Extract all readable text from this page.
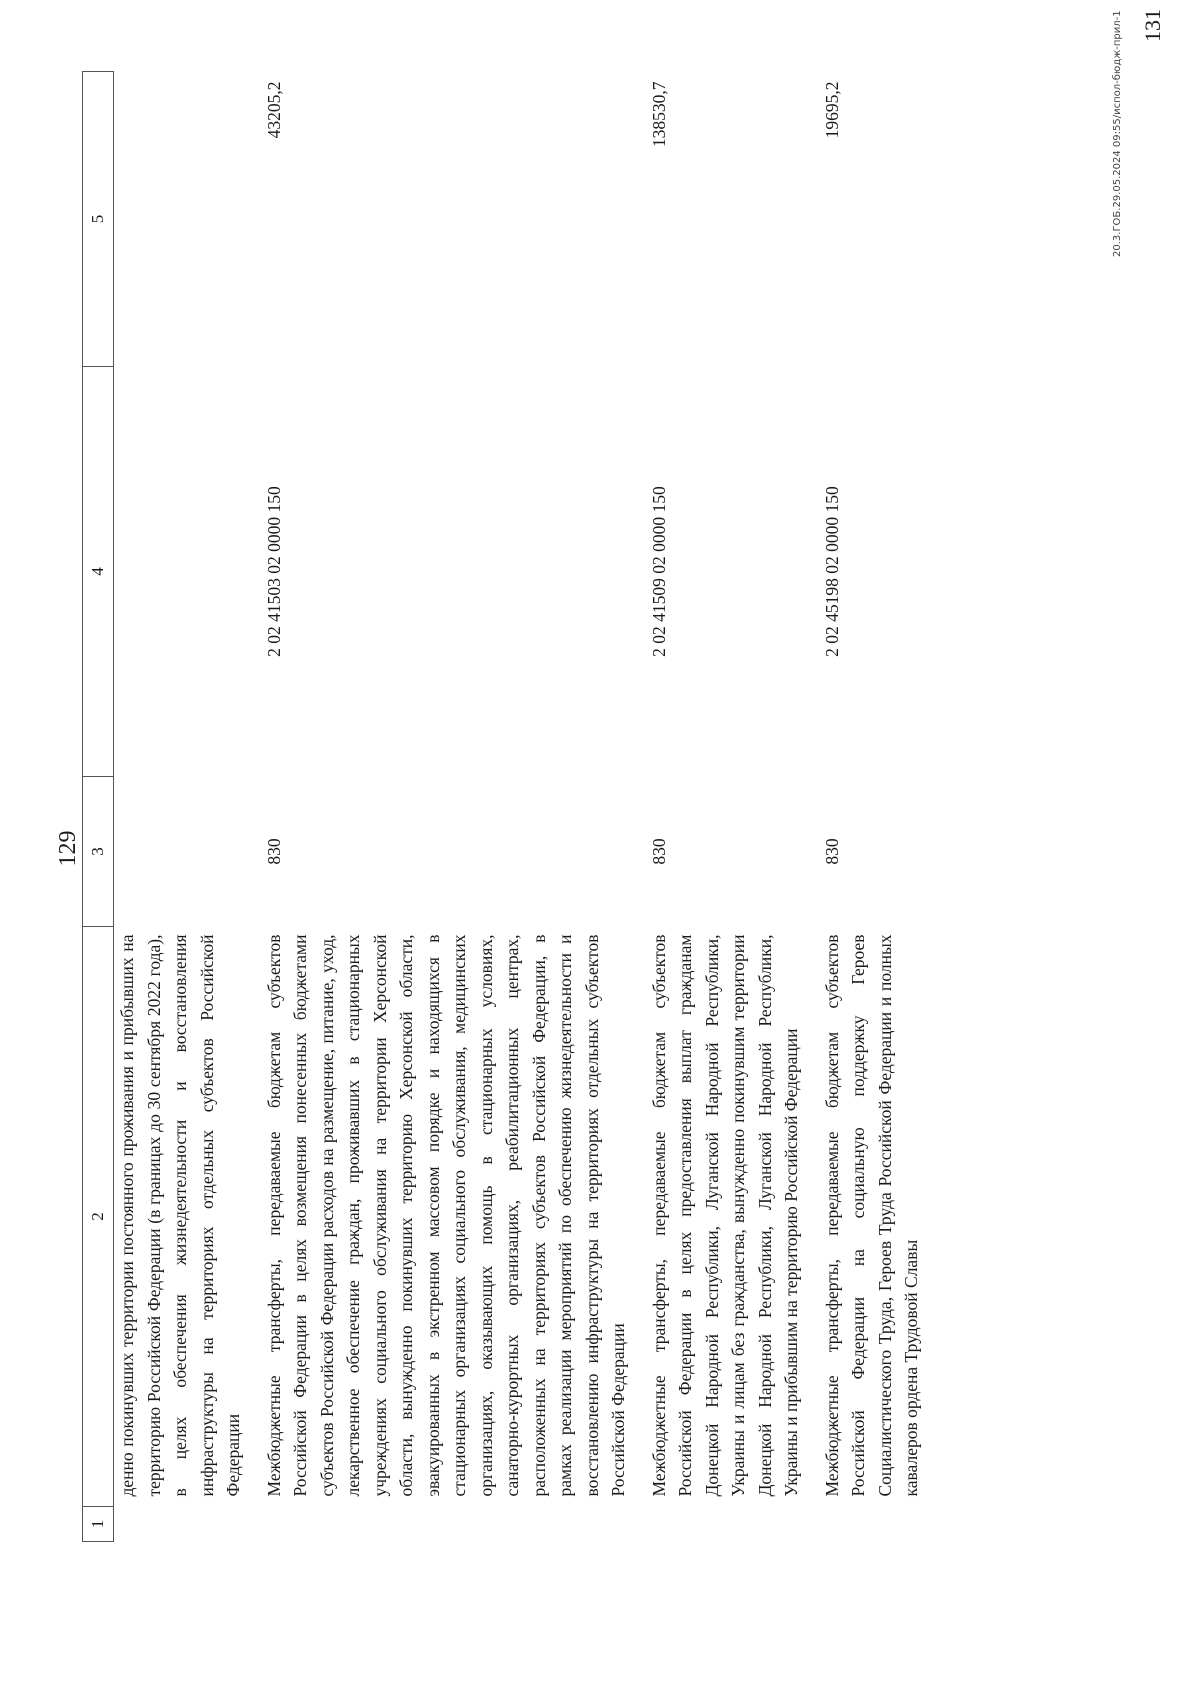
129
1	2	3	4	5
	денно покинувших территории постоянного проживания и прибывших на территорию Российской Федерации (в границах до 30 сентября 2022 года), в целях обеспечения жизнедеятельности и восстановления инфраструктуры на территориях отдельных субъектов Российской Федерации			
	Межбюджетные трансферты, передаваемые бюджетам субъектов Российской Федерации в целях возмещения понесенных бюджетами субъектов Российской Федерации расходов на размещение, питание, уход, лекарственное обеспечение граждан, проживавших в стационарных учреждениях социального обслуживания на территории Херсонской области, вынужденно покинувших территорию Херсонской области, эвакуированных в экстренном массовом порядке и находящихся в стационарных организациях социального обслуживания, медицинских организациях, оказывающих помощь в стационарных условиях, санаторно-курортных организациях, реабилитационных центрах, расположенных на территориях субъектов Российской Федерации, в рамках реализации мероприятий по обеспечению жизнедеятельности и восстановлению инфраструктуры на территориях отдельных субъектов Российской Федерации	830	2 02 41503 02 0000 150	43205,2
	Межбюджетные трансферты, передаваемые бюджетам субъектов Российской Федерации в целях предоставления выплат гражданам Донецкой Народной Республики, Луганской Народной Республики, Украины и лицам без гражданства, вынужденно покинувшим территории Донецкой Народной Республики, Луганской Народной Республики, Украины и прибывшим на территорию Российской Федерации	830	2 02 41509 02 0000 150	138530,7
	Межбюджетные трансферты, передаваемые бюджетам субъектов Российской Федерации на социальную поддержку Героев Социалистического Труда, Героев Труда Российской Федерации и полных кавалеров ордена Трудовой Славы	830	2 02 45198 02 0000 150	19695,2	20.3.ГОБ.29.05.2024 09:55/испол-бюдж-прил-1 131
